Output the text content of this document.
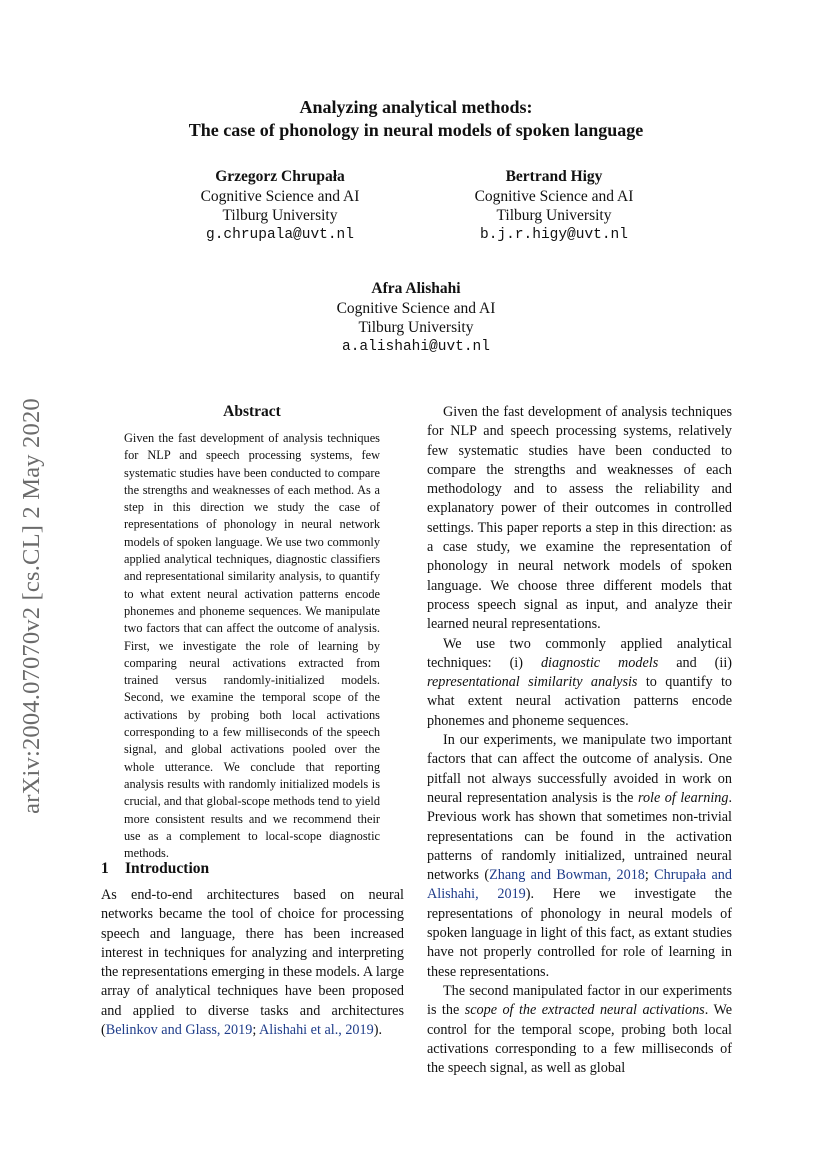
arXiv:2004.07070v2 [cs.CL] 2 May 2020
Analyzing analytical methods:
The case of phonology in neural models of spoken language
Grzegorz Chrupała
Cognitive Science and AI
Tilburg University
g.chrupala@uvt.nl
Bertrand Higy
Cognitive Science and AI
Tilburg University
b.j.r.higy@uvt.nl
Afra Alishahi
Cognitive Science and AI
Tilburg University
a.alishahi@uvt.nl
Abstract
Given the fast development of analysis techniques for NLP and speech processing systems, few systematic studies have been conducted to compare the strengths and weaknesses of each method. As a step in this direction we study the case of representations of phonology in neural network models of spoken language. We use two commonly applied analytical techniques, diagnostic classifiers and representational similarity analysis, to quantify to what extent neural activation patterns encode phonemes and phoneme sequences. We manipulate two factors that can affect the outcome of analysis. First, we investigate the role of learning by comparing neural activations extracted from trained versus randomly-initialized models. Second, we examine the temporal scope of the activations by probing both local activations corresponding to a few milliseconds of the speech signal, and global activations pooled over the whole utterance. We conclude that reporting analysis results with randomly initialized models is crucial, and that global-scope methods tend to yield more consistent results and we recommend their use as a complement to local-scope diagnostic methods.
1 Introduction

As end-to-end architectures based on neural networks became the tool of choice for processing speech and language, there has been increased interest in techniques for analyzing and interpreting the representations emerging in these models. A large array of analytical techniques have been proposed and applied to diverse tasks and architectures (Belinkov and Glass, 2019; Alishahi et al., 2019).

Given the fast development of analysis techniques for NLP and speech processing systems, relatively few systematic studies have been conducted to compare the strengths and weaknesses of each methodology and to assess the reliability and explanatory power of their outcomes in controlled settings. This paper reports a step in this direction: as a case study, we examine the representation of phonology in neural network models of spoken language. We choose three different models that process speech signal as input, and analyze their learned neural representations.

We use two commonly applied analytical techniques: (i) diagnostic models and (ii) representational similarity analysis to quantify to what extent neural activation patterns encode phonemes and phoneme sequences.

In our experiments, we manipulate two important factors that can affect the outcome of analysis. One pitfall not always successfully avoided in work on neural representation analysis is the role of learning. Previous work has shown that sometimes non-trivial representations can be found in the activation patterns of randomly initialized, untrained neural networks (Zhang and Bowman, 2018; Chrupała and Alishahi, 2019). Here we investigate the representations of phonology in neural models of spoken language in light of this fact, as extant studies have not properly controlled for role of learning in these representations.

The second manipulated factor in our experiments is the scope of the extracted neural activations. We control for the temporal scope, probing both local activations corresponding to a few milliseconds of the speech signal, as well as global
